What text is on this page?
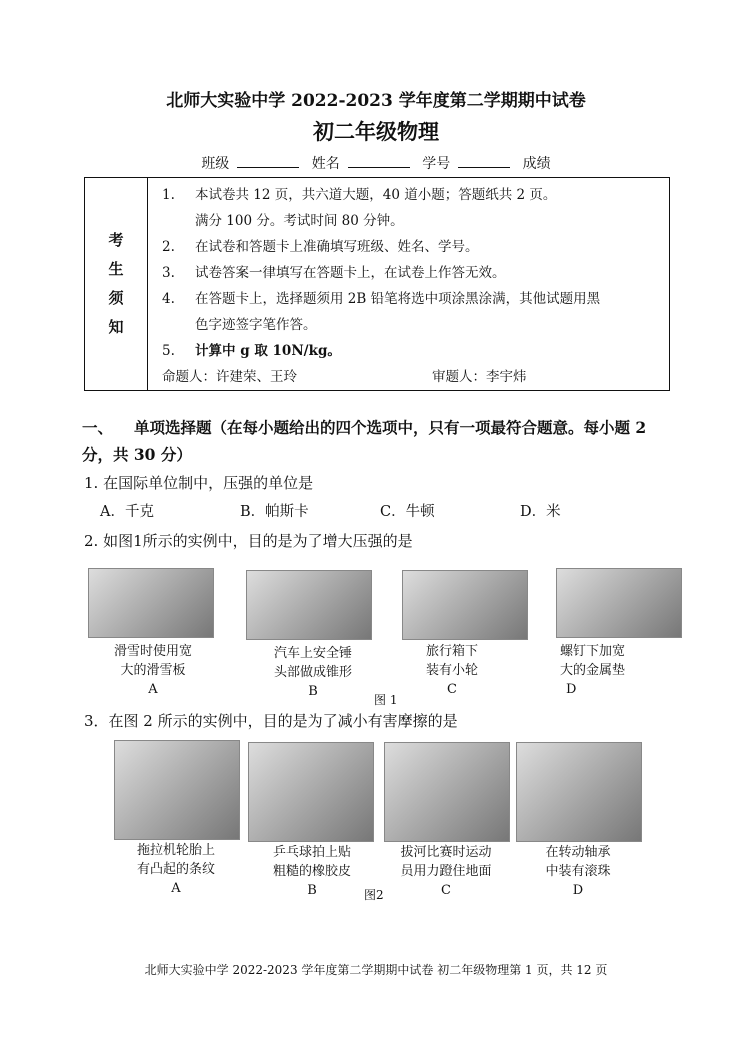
北师大实验中学 2022-2023 学年度第二学期期中试卷
初二年级物理
班级	姓名	学号	成绩
考
生
须
知

1.	本试卷共 12 页，共六道大题，40 道小题；答题纸共 2 页。
满分 100 分。考试时间 80 分钟。
2.	在试卷和答题卡上准确填写班级、姓名、学号。
3.	试卷答案一律填写在答题卡上，在试卷上作答无效。
4.	在答题卡上，选择题须用 2B 铅笔将选中项涂黑涂满，其他试题用黑
色字迹签字笔作答。
5.	计算中 g 取 10N/kg。
命题人：许建荣、王玲	审题人：李宇炜
一、 单项选择题（在每小题给出的四个选项中，只有一项最符合题意。每小题 2 分，共 30 分）
1. 在国际单位制中，压强的单位是
A．千克	B．帕斯卡	C．牛顿	D．米
2. 如图1所示的实例中，目的是为了增大压强的是
滑雪时使用宽
大的滑雪板
A
汽车上安全锤
头部做成锥形
B
旅行箱下
装有小轮
C
螺钉下加宽
大的金属垫
D
图 1
3．在图 2 所示的实例中，目的是为了减小有害摩擦的是
拖拉机轮胎上
有凸起的条纹
A
乒乓球拍上贴
粗糙的橡胶皮
B
拔河比赛时运动
员用力蹬住地面
C
在转动轴承
中装有滚珠
D
图2
北师大实验中学 2022-2023 学年度第二学期期中试卷 初二年级物理第 1 页，共 12 页
